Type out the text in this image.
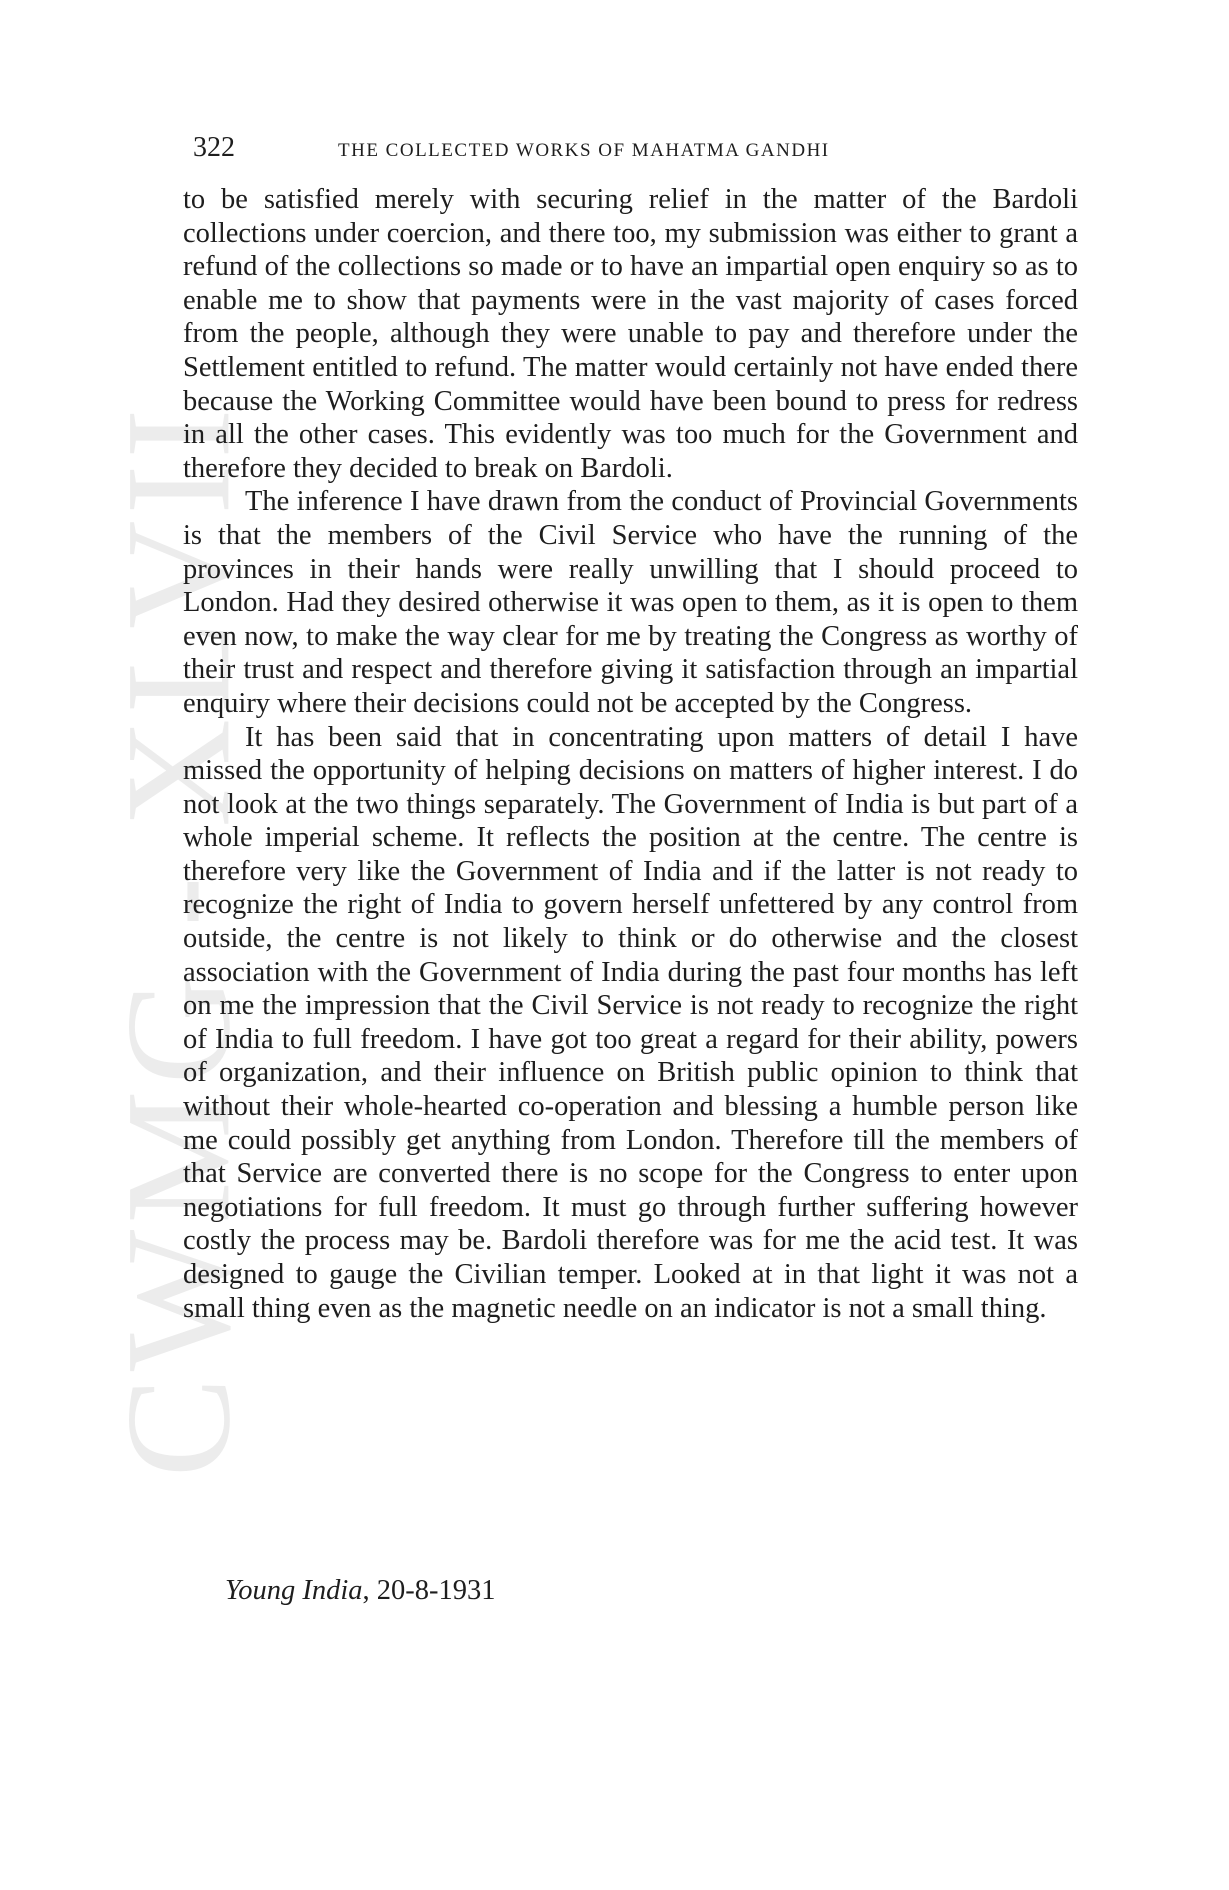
CWMG - XLVII
322	THE COLLECTED WORKS OF MAHATMA GANDHI

to be satisfied merely with securing relief in the matter of the Bardoli collections under coercion, and there too, my submission was either to grant a refund of the collections so made or to have an impartial open enquiry so as to enable me to show that payments were in the vast majority of cases forced from the people, although they were unable to pay and therefore under the Settlement entitled to refund. The matter would certainly not have ended there because the Working Committee would have been bound to press for redress in all the other cases. This evidently was too much for the Government and therefore they decided to break on Bardoli.

The inference I have drawn from the conduct of Provincial Governments is that the members of the Civil Service who have the running of the provinces in their hands were really unwilling that I should proceed to London. Had they desired otherwise it was open to them, as it is open to them even now, to make the way clear for me by treating the Congress as worthy of their trust and respect and therefore giving it satisfaction through an impartial enquiry where their decisions could not be accepted by the Congress.

It has been said that in concentrating upon matters of detail I have missed the opportunity of helping decisions on matters of higher interest. I do not look at the two things separately. The Government of India is but part of a whole imperial scheme. It reflects the position at the centre. The centre is therefore very like the Government of India and if the latter is not ready to recognize the right of India to govern herself unfettered by any control from outside, the centre is not likely to think or do otherwise and the closest association with the Government of India during the past four months has left on me the impression that the Civil Service is not ready to recognize the right of India to full freedom. I have got too great a regard for their ability, powers of organization, and their influence on British public opinion to think that without their whole-hearted co-operation and blessing a humble person like me could possibly get anything from London. Therefore till the members of that Service are converted there is no scope for the Congress to enter upon negotiations for full freedom. It must go through further suffering however costly the process may be. Bardoli therefore was for me the acid test. It was designed to gauge the Civilian temper. Looked at in that light it was not a small thing even as the magnetic needle on an indicator is not a small thing.

Young India, 20-8-1931
